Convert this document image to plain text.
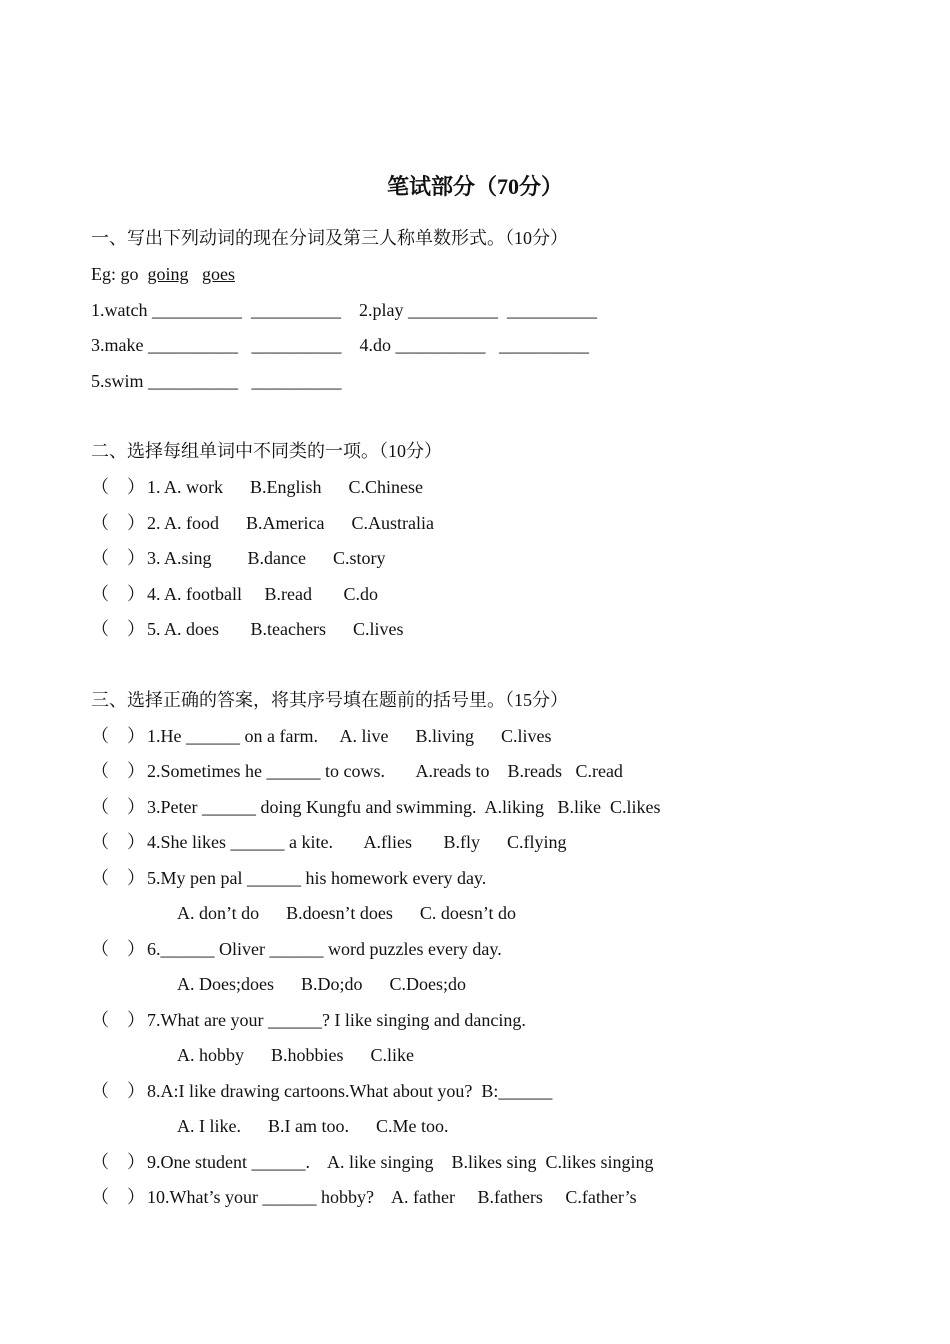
笔试部分（70分）
一、写出下列动词的现在分词及第三人称单数形式。（10分）
Eg: go going goes
1.watch __________  __________    2.play __________  __________
3.make __________   __________    4.do __________   __________
5.swim __________   __________
二、选择每组单词中不同类的一项。（10分）
（    ） 1. A. work      B.English      C.Chinese
（    ） 2. A. food      B.America      C.Australia
（    ） 3. A.sing        B.dance      C.story
（    ） 4. A. football     B.read       C.do
（    ） 5. A. does       B.teachers      C.lives
三、选择正确的答案，将其序号填在题前的括号里。（15分）
（    ） 1.He ______ on a farm.     A. live      B.living      C.lives
（    ） 2.Sometimes he ______ to cows.       A.reads to    B.reads   C.read
（    ） 3.Peter ______ doing Kungfu and swimming.  A.liking   B.like  C.likes
（    ） 4.She likes ______ a kite.       A.flies       B.fly      C.flying
（    ） 5.My pen pal ______ his homework every day.
A. don’t do      B.doesn’t does      C. doesn’t do
（    ） 6.______ Oliver ______ word puzzles every day.
A. Does;does      B.Do;do      C.Does;do
（    ） 7.What are your ______? I like singing and dancing.
A. hobby      B.hobbies      C.like
（    ） 8.A:I like drawing cartoons.What about you?  B:______
A. I like.      B.I am too.      C.Me too.
（    ） 9.One student ______.    A. like singing    B.likes sing  C.likes singing
（    ） 10.What’s your ______ hobby?    A. father     B.fathers     C.father’s
